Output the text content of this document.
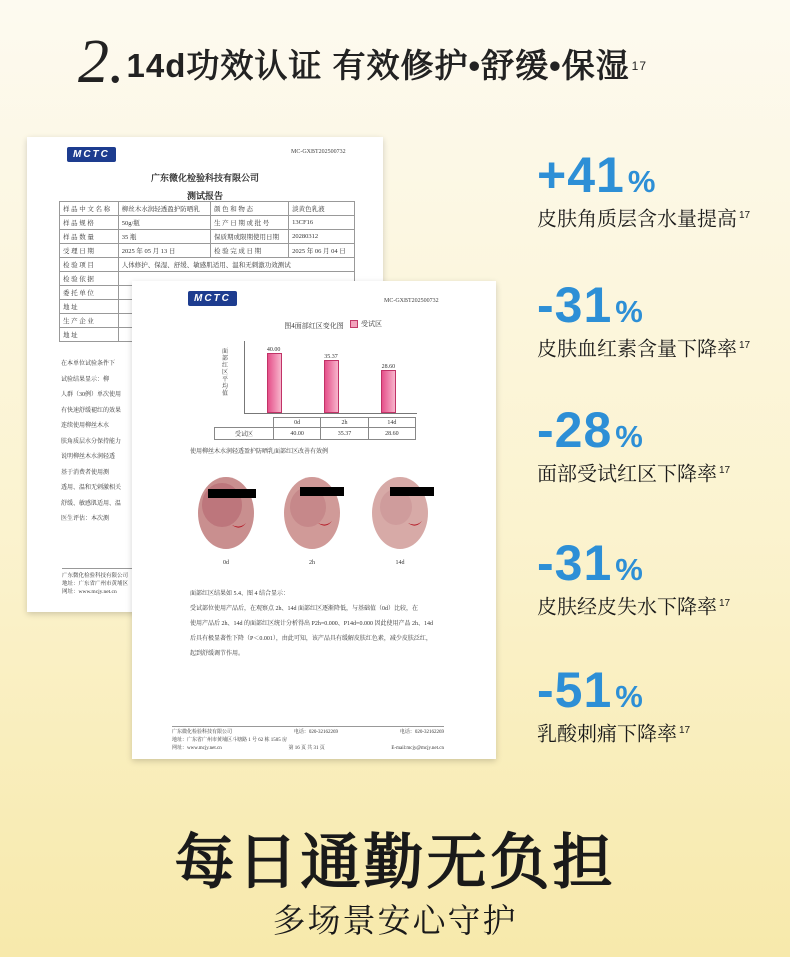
2. 14d功效认证 有效修护•舒缓•保湿 $^{17}$
MCTC	MC-GXBT202500732
广东微化检验科技有限公司
测试报告
样 品 中 文 名 称	柳丝木水润轻透盈护防晒乳	颜 色 和 物 态	淡黄色乳液
样 品 规 格	50g/瓶	生 产 日 期 或 批 号	13CF16
样 品 数 量	35 瓶	保质期或限期使用日期	20280312
受 理 日 期	2025 年 05 月 13 日	检 验 完 成 日 期	2025 年 06 月 04 日
检 验 项 目	人体修护、保湿、舒缓、敏感肌适用、温和无刺激功效测试		
检 验 依 据			
委 托 单 位			
地 址			
生 产 企 业			
地 址			
在本单位试验条件下
试验结果显示：柳
人群（30例）单次使用
有快速舒缓褪红的效果
连续使用柳丝木水
肤角质层水分保持能力
说明柳丝木水润轻透
基于消费者使用测
透用、温和无刺激相关
舒缓、敏感肌适用、温
医生评估：本次测
广东微化检验科技有限公司
地址：广东省广州市黄埔区
网址：www.mcjy.net.cn
MCTC	MC-GXBT202500732
图4面部红区变化图	受试区
面部红区平均值
40.00
35.37
28.60
	0d	2h	14d
受试区	40.00	35.37	28.60
使用柳丝木水润轻透盈护防晒乳面部红区改善有效例
0d	2h	14d
面部红区结果如 5.4、图 4 结合显示：
受试部位使用产品后，在观察点 2h、14d 面部红区逐渐降低，与基础值（0d）比较，在
使用产品后 2h、14d 的面部红区统计分析得出 P2h=0.000、P14d=0.000 因此使用产品 2h、14d
后具有极显著性下降（P＜0.001），由此可知，该产品具有缓解皮肤红色素，减少皮肤泛红，
起到舒缓调节作用。
广东微化检验科技有限公司	电话：020-32162269	电话：020-32162269
地址：广东省广州市黄埔区斗塘路 1 号 62 栋 1505 房
网址：www.mcjy.net.cn	第 16 页 共 31 页	E-mail:mcjy@mcjy.net.cn
+41%
皮肤角质层含水量提高 $^{17}$
-31%
皮肤血红素含量下降率 $^{17}$
-28%
面部受试红区下降率 $^{17}$
-31%
皮肤经皮失水下降率 $^{17}$
-51%
乳酸刺痛下降率 $^{17}$
每日通勤无负担
多场景安心守护
